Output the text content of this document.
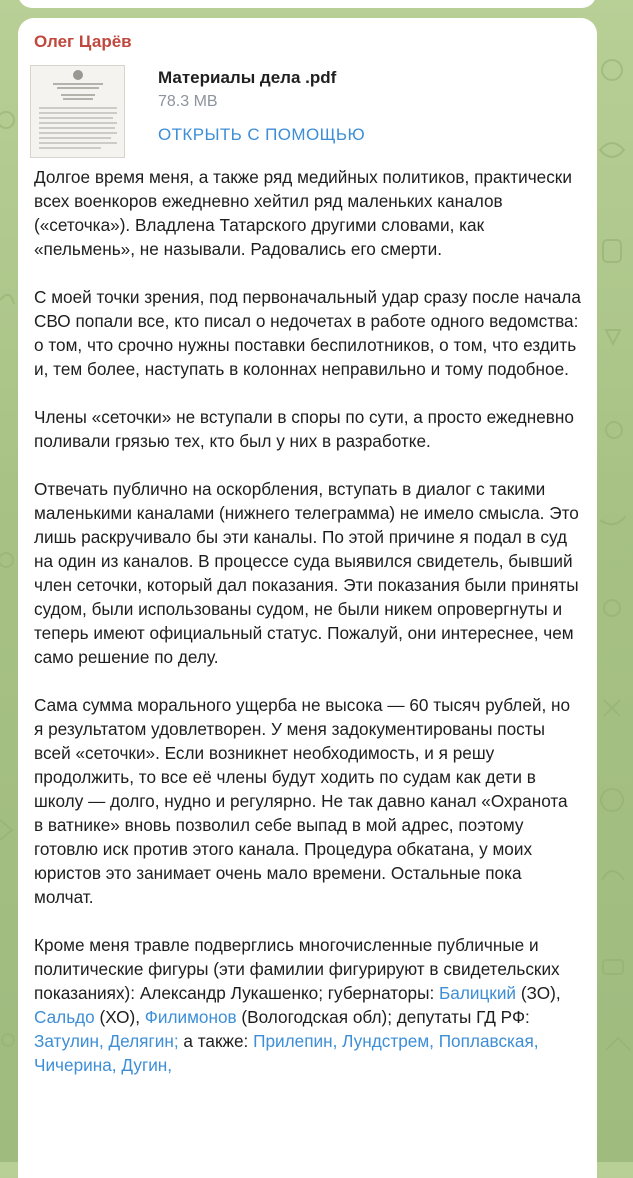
Олег Царёв
Материалы дела .pdf
78.3 MB
ОТКРЫТЬ С ПОМОЩЬЮ

Долгое время меня, а также ряд медийных политиков, практически всех военкоров ежедневно хейтил ряд маленьких каналов («сеточка»). Владлена Татарского другими словами, как «пельмень», не называли. Радовались его смерти.

С моей точки зрения, под первоначальный удар сразу после начала СВО попали все, кто писал о недочетах в работе одного ведомства: о том, что срочно нужны поставки беспилотников, о том, что ездить и, тем более, наступать в колоннах неправильно и тому подобное.

Члены «сеточки» не вступали в споры по сути, а просто ежедневно поливали грязью тех, кто был у них в разработке.

Отвечать публично на оскорбления, вступать в диалог с такими маленькими каналами (нижнего телеграмма) не имело смысла. Это лишь раскручивало бы эти каналы. По этой причине я подал в суд на один из каналов. В процессе суда выявился свидетель, бывший член сеточки, который дал показания. Эти показания были приняты судом, были использованы судом, не были никем опровергнуты и теперь имеют официальный статус. Пожалуй, они интереснее, чем само решение по делу.

Сама сумма морального ущерба не высока — 60 тысяч рублей, но я результатом удовлетворен. У меня задокументированы посты всей «сеточки». Если возникнет необходимость, и я решу продолжить, то все её члены будут ходить по судам как дети в школу — долго, нудно и регулярно. Не так давно канал «Охранота в ватнике» вновь позволил себе выпад в мой адрес, поэтому готовлю иск против этого канала. Процедура обкатана, у моих юристов это занимает очень мало времени. Остальные пока молчат.

Кроме меня травле подверглись многочисленные публичные и политические фигуры (эти фамилии фигурируют в свидетельских показаниях): Александр Лукашенко; губернаторы: Балицкий (ЗО), Сальдо (ХО), Филимонов (Вологодская обл); депутаты ГД РФ: Затулин, Делягин; а также: Прилепин, Лундстрем, Поплавская, Чичерина, Дугин,
